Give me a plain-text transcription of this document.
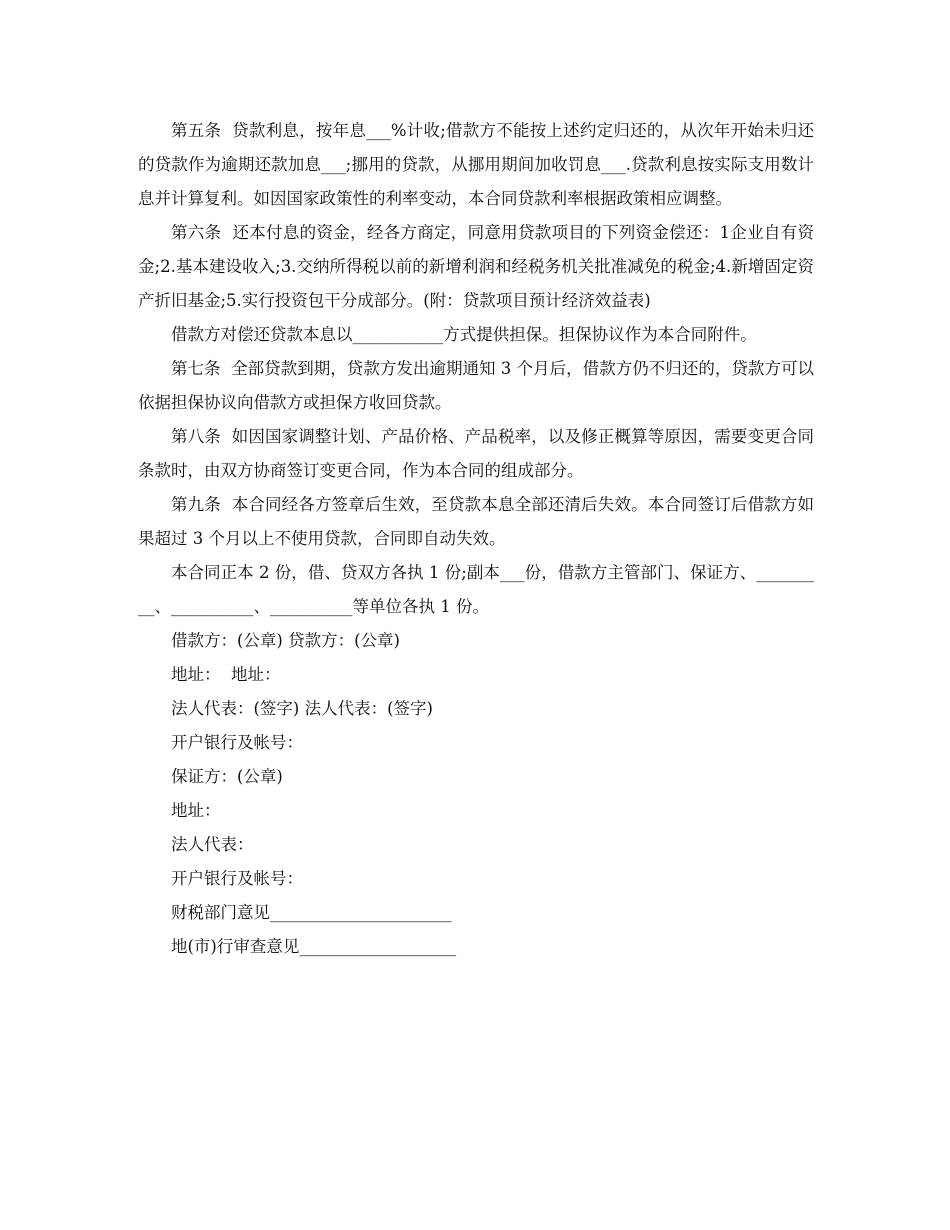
第五条  贷款利息，按年息___%计收;借款方不能按上述约定归还的，从次年开始未归还的贷款作为逾期还款加息___;挪用的贷款，从挪用期间加收罚息___.贷款利息按实际支用数计息并计算复利。如因国家政策性的利率变动，本合同贷款利率根据政策相应调整。

第六条  还本付息的资金，经各方商定，同意用贷款项目的下列资金偿还：1企业自有资金;2.基本建设收入;3.交纳所得税以前的新增利润和经税务机关批准减免的税金;4.新增固定资产折旧基金;5.实行投资包干分成部分。(附：贷款项目预计经济效益表)

借款方对偿还贷款本息以___________方式提供担保。担保协议作为本合同附件。

第七条  全部贷款到期，贷款方发出逾期通知 3 个月后，借款方仍不归还的，贷款方可以依据担保协议向借款方或担保方收回贷款。

第八条  如因国家调整计划、产品价格、产品税率，以及修正概算等原因，需要变更合同条款时，由双方协商签订变更合同，作为本合同的组成部分。

第九条  本合同经各方签章后生效，至贷款本息全部还清后失效。本合同签订后借款方如果超过 3 个月以上不使用贷款，合同即自动失效。

本合同正本 2 份，借、贷双方各执 1 份;副本___份，借款方主管部门、保证方、_________、__________、__________等单位各执 1 份。

借款方：(公章) 贷款方：(公章)
地址：  地址：
法人代表：(签字) 法人代表：(签字)
开户银行及帐号：
保证方：(公章)
地址：
法人代表：
开户银行及帐号：
财税部门意见______________________
地(市)行审查意见___________________
